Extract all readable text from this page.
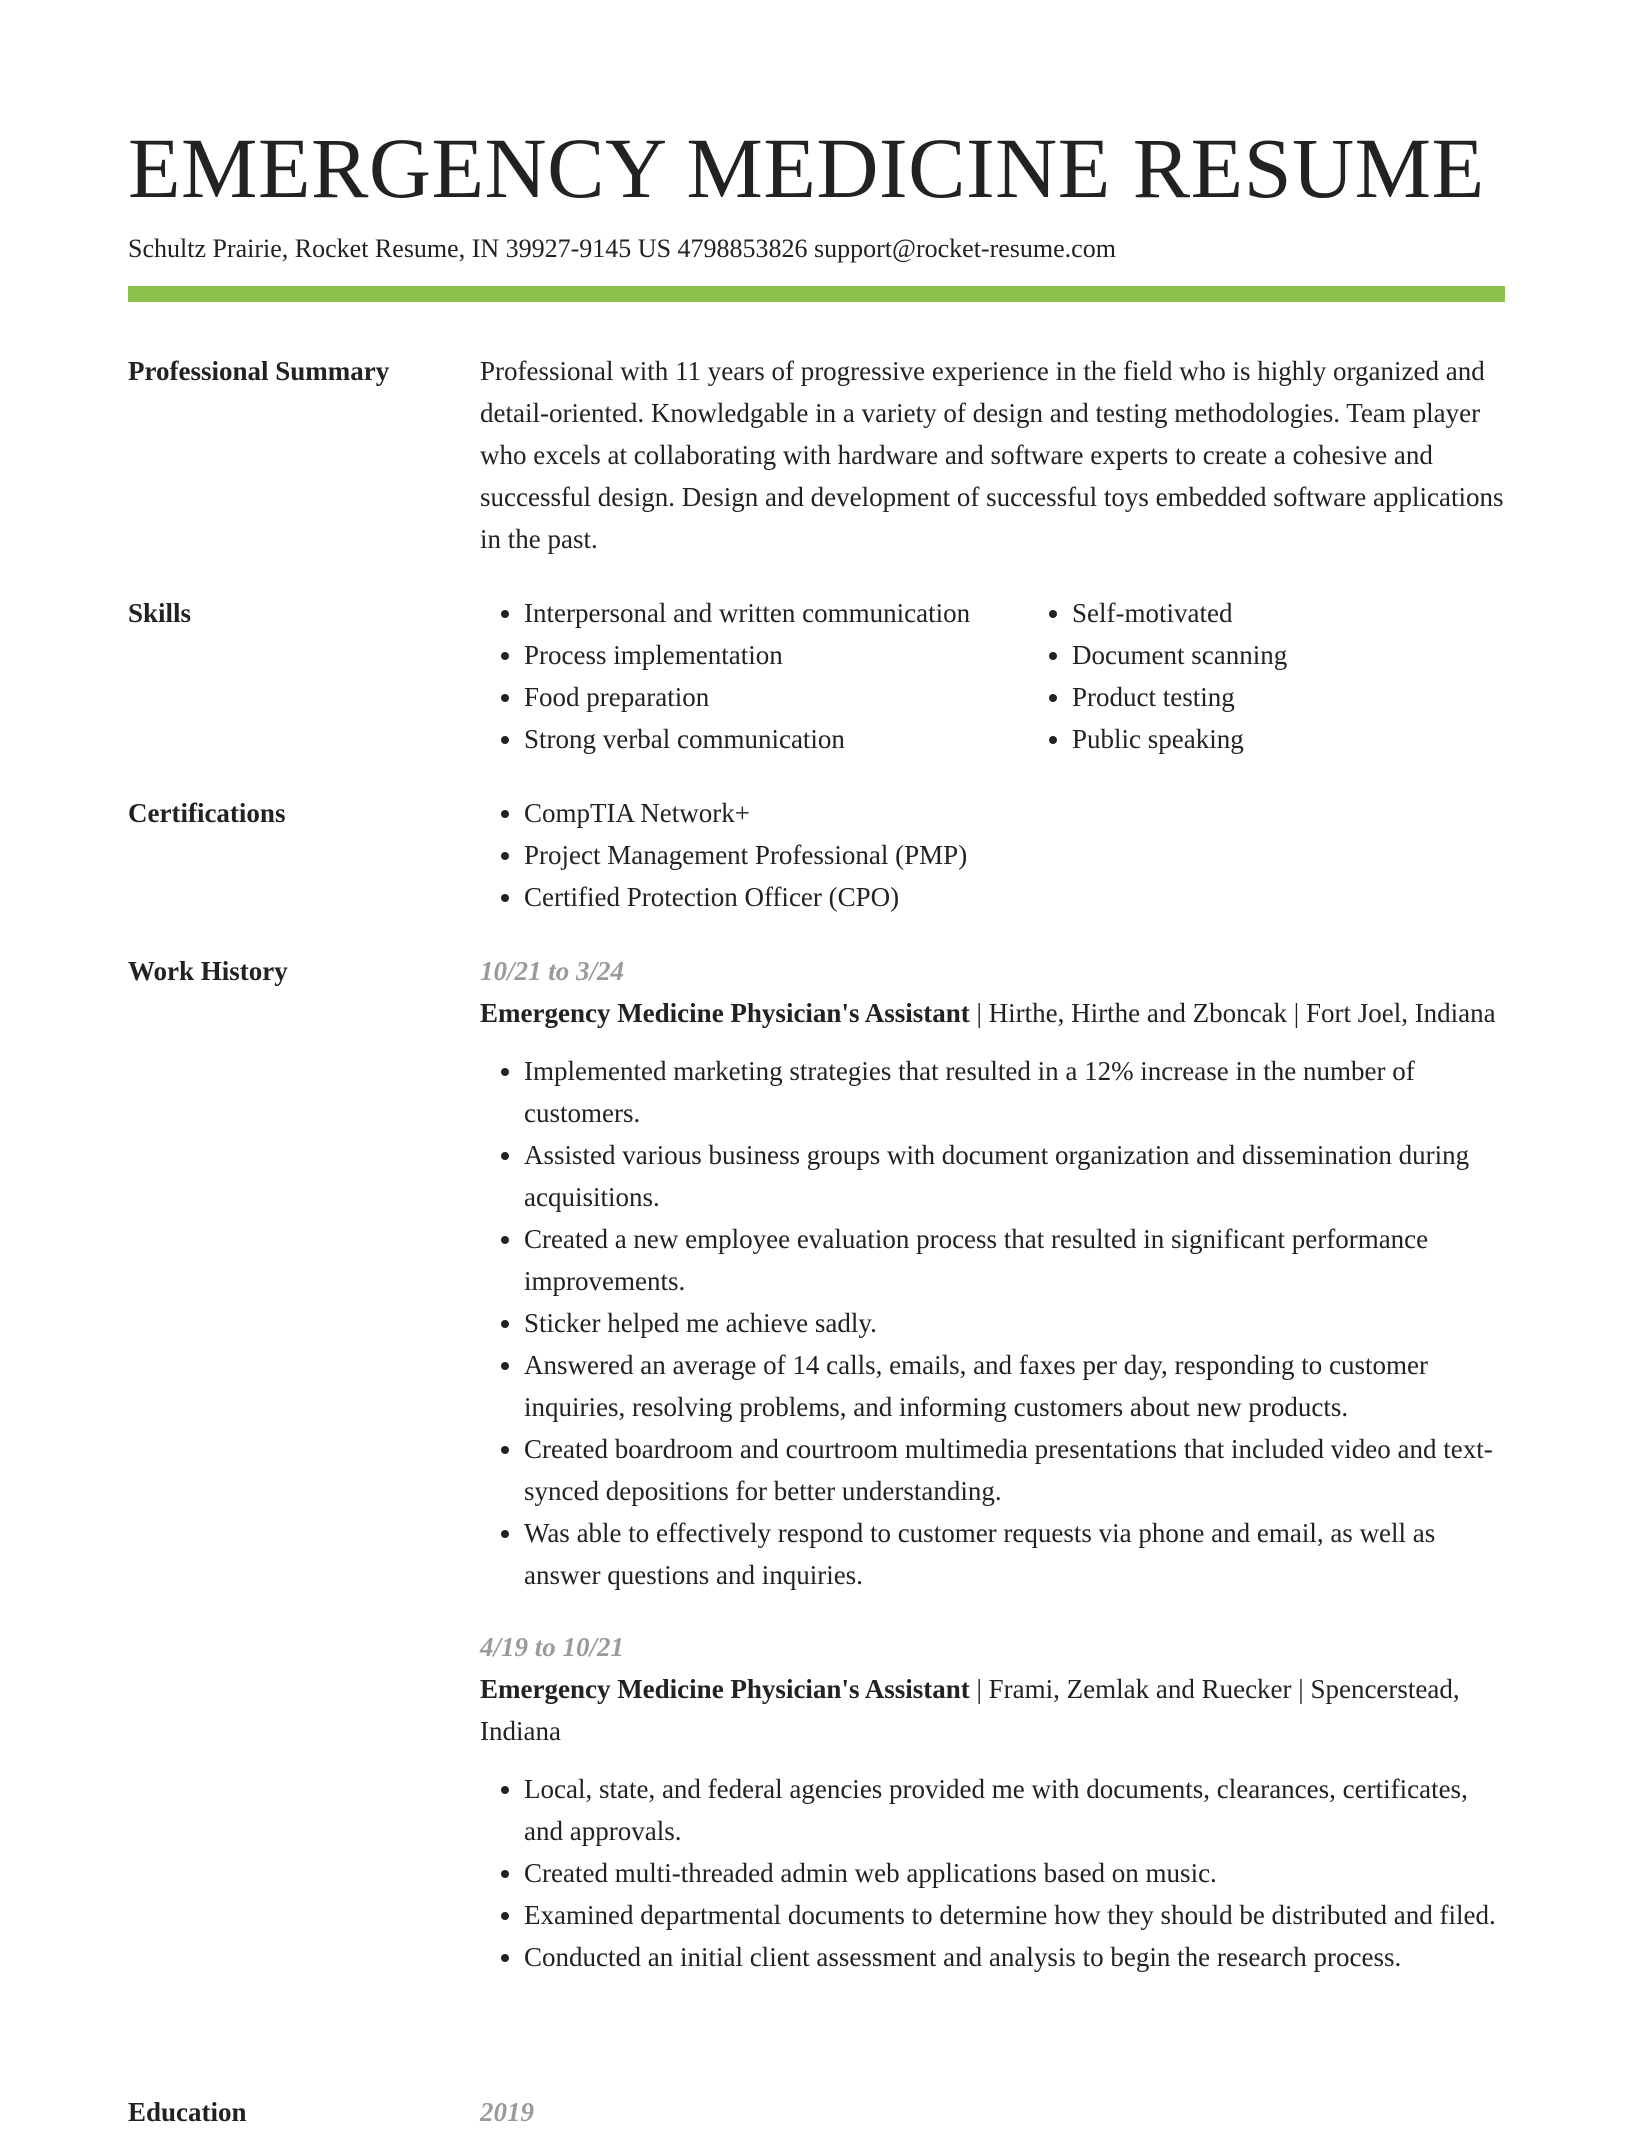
EMERGENCY MEDICINE RESUME
Schultz Prairie, Rocket Resume, IN 39927-9145 US 4798853826 support@rocket-resume.com
Professional Summary	Professional with 11 years of progressive experience in the field who is highly organized and detail-oriented. Knowledgable in a variety of design and testing methodologies. Team player who excels at collaborating with hardware and software experts to create a cohesive and successful design. Design and development of successful toys embedded software applications in the past.

Skills	• Interpersonal and written communication
• Process implementation
• Food preparation
• Strong verbal communication
• Self-motivated
• Document scanning
• Product testing
• Public speaking
Certifications	• CompTIA Network+
• Project Management Professional (PMP)
• Certified Protection Officer (CPO)
Work History	10/21 to 3/24
Emergency Medicine Physician's Assistant | Hirthe, Hirthe and Zboncak | Fort Joel, Indiana
• Implemented marketing strategies that resulted in a 12% increase in the number of customers.
• Assisted various business groups with document organization and dissemination during acquisitions.
• Created a new employee evaluation process that resulted in significant performance improvements.
• Sticker helped me achieve sadly.
• Answered an average of 14 calls, emails, and faxes per day, responding to customer inquiries, resolving problems, and informing customers about new products.
• Created boardroom and courtroom multimedia presentations that included video and text-synced depositions for better understanding.
• Was able to effectively respond to customer requests via phone and email, as well as answer questions and inquiries.
4/19 to 10/21
Emergency Medicine Physician's Assistant | Frami, Zemlak and Ruecker | Spencerstead, Indiana
• Local, state, and federal agencies provided me with documents, clearances, certificates, and approvals.
• Created multi-threaded admin web applications based on music.
• Examined departmental documents to determine how they should be distributed and filed.
• Conducted an initial client assessment and analysis to begin the research process.
Education	2019
